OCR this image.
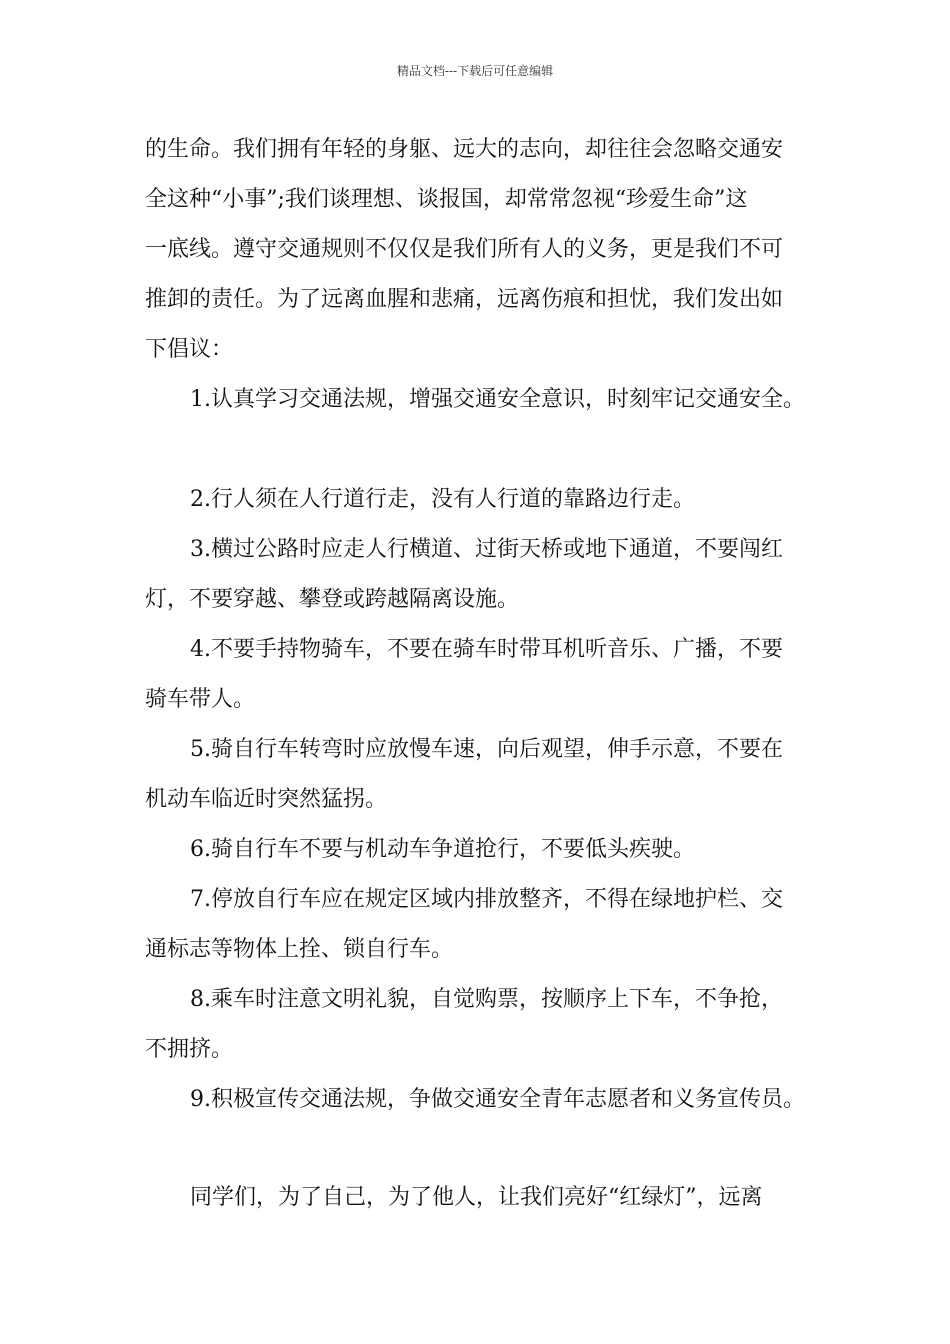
精品文档---下载后可任意编辑
的生命。我们拥有年轻的身躯、远大的志向，却往往会忽略交通安
全这种“小事”;我们谈理想、谈报国，却常常忽视“珍爱生命”这
一底线。遵守交通规则不仅仅是我们所有人的义务，更是我们不可
推卸的责任。为了远离血腥和悲痛，远离伤痕和担忧，我们发出如
下倡议：
1.认真学习交通法规，增强交通安全意识，时刻牢记交通安全。
2.行人须在人行道行走，没有人行道的靠路边行走。
3.横过公路时应走人行横道、过街天桥或地下通道，不要闯红
灯，不要穿越、攀登或跨越隔离设施。
4.不要手持物骑车，不要在骑车时带耳机听音乐、广播，不要
骑车带人。
5.骑自行车转弯时应放慢车速，向后观望，伸手示意，不要在
机动车临近时突然猛拐。
6.骑自行车不要与机动车争道抢行，不要低头疾驶。
7.停放自行车应在规定区域内排放整齐，不得在绿地护栏、交
通标志等物体上拴、锁自行车。
8.乘车时注意文明礼貌，自觉购票，按顺序上下车，不争抢，
不拥挤。
9.积极宣传交通法规，争做交通安全青年志愿者和义务宣传员。
同学们，为了自己，为了他人，让我们亮好“红绿灯”，远离
